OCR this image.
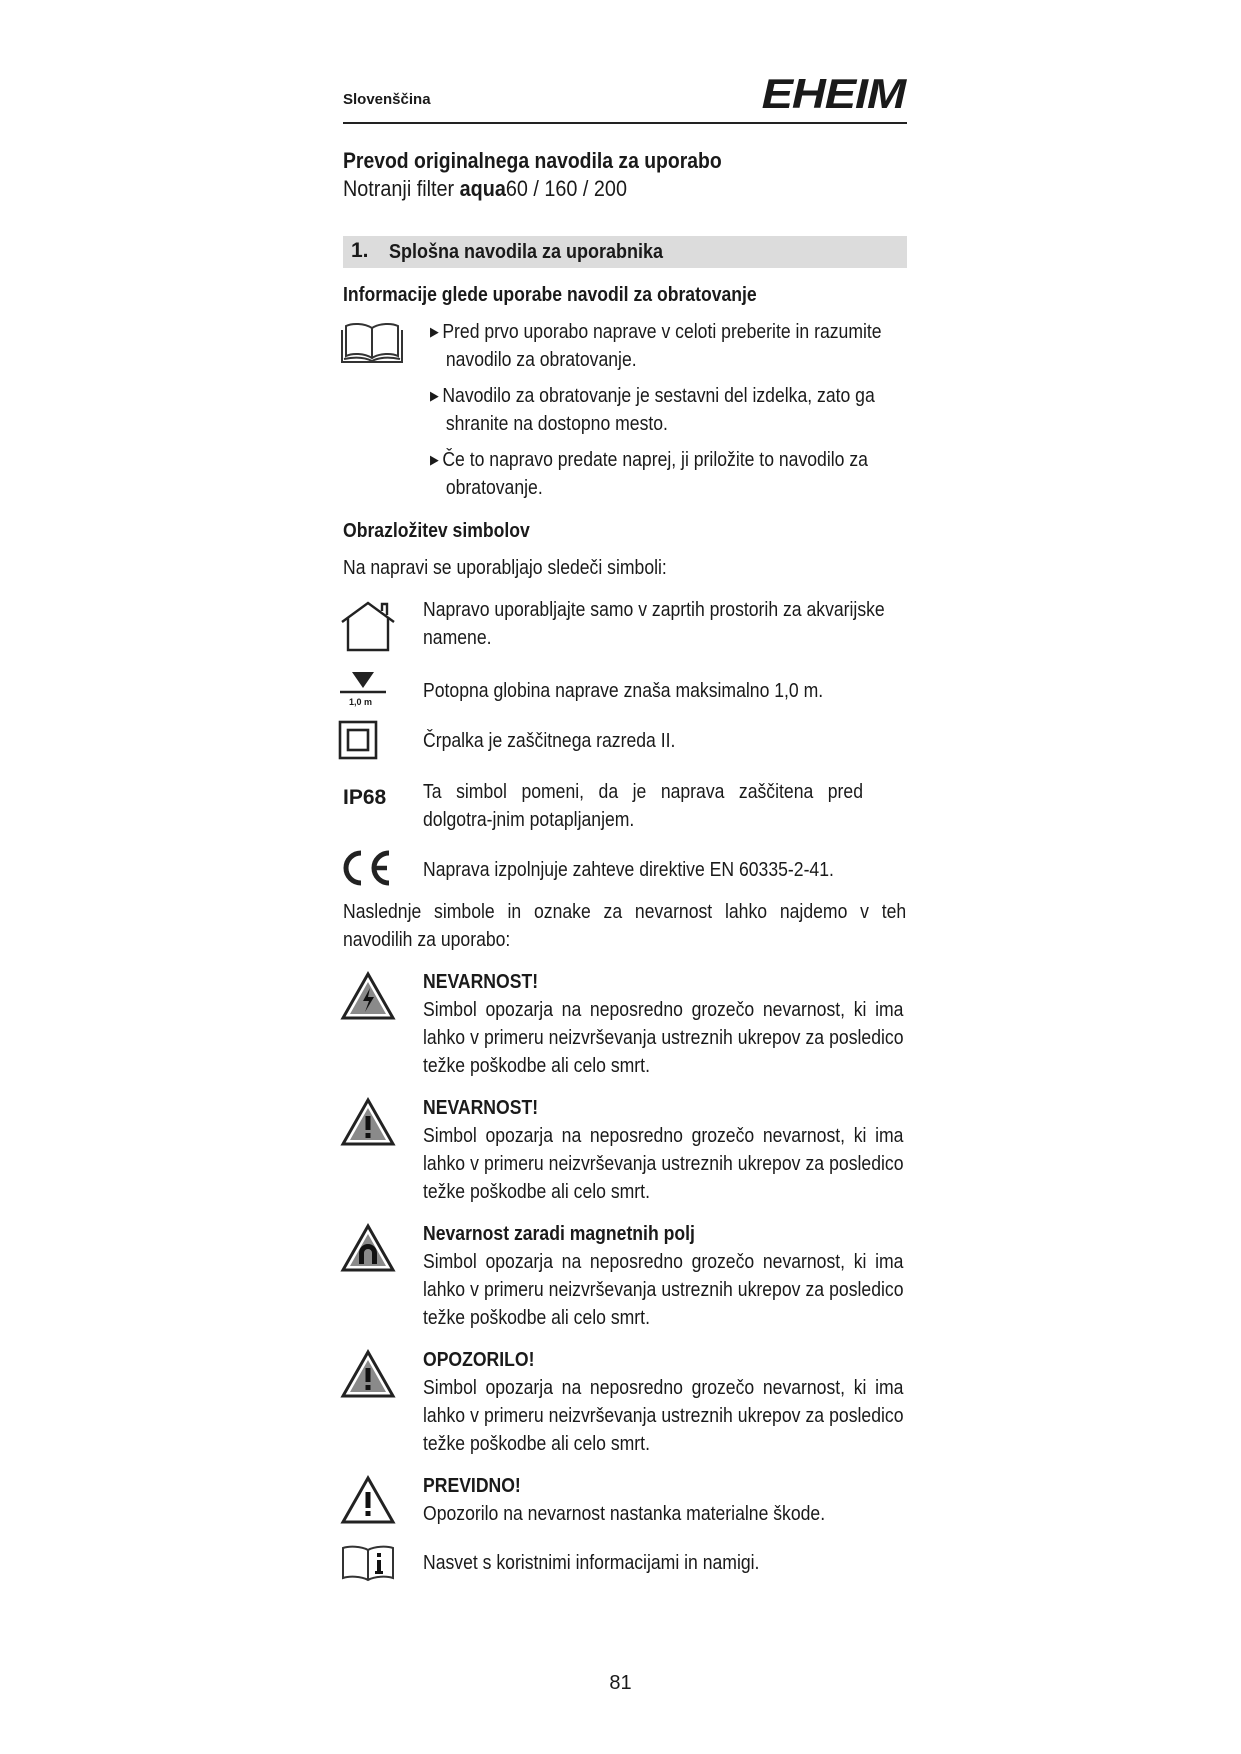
Slovenščina	EHEIM
Prevod originalnega navodila za uporabo
Notranji filter aqua60 / 160 / 200
1. Splošna navodila za uporabnika
Informacije glede uporabe navodil za obratovanje
▶ Pred prvo uporabo naprave v celoti preberite in razumite
navodilo za obratovanje.
▶ Navodilo za obratovanje je sestavni del izdelka, zato ga
shranite na dostopno mesto.
▶ Če to napravo predate naprej, ji priložite to navodilo za
obratovanje.
Obrazložitev simbolov
Na napravi se uporabljajo sledeči simboli:
Napravo uporabljajte samo v zaprtih prostorih za akvarijske namene.
1,0 m	Potopna globina naprave znaša maksimalno 1,0 m.
Črpalka je zaščitnega razreda II.
IP68 Ta simbol pomeni, da je naprava zaščitena pred dolgotra-jnim potapljanjem.
Naprava izpolnjuje zahteve direktive EN 60335-2-41.
Naslednje simbole in oznake za nevarnost lahko najdemo v teh navodilih za uporabo:
NEVARNOST!
Simbol opozarja na neposredno grozečo nevarnost, ki ima lahko v primeru neizvrševanja ustreznih ukrepov za posledico težke poškodbe ali celo smrt.
NEVARNOST!
Simbol opozarja na neposredno grozečo nevarnost, ki ima lahko v primeru neizvrševanja ustreznih ukrepov za posledico težke poškodbe ali celo smrt.
Nevarnost zaradi magnetnih polj
Simbol opozarja na neposredno grozečo nevarnost, ki ima lahko v primeru neizvrševanja ustreznih ukrepov za posledico težke poškodbe ali celo smrt.
OPOZORILO!
Simbol opozarja na neposredno grozečo nevarnost, ki ima lahko v primeru neizvrševanja ustreznih ukrepov za posledico težke poškodbe ali celo smrt.
PREVIDNO!
Opozorilo na nevarnost nastanka materialne škode.
Nasvet s koristnimi informacijami in namigi.
81
